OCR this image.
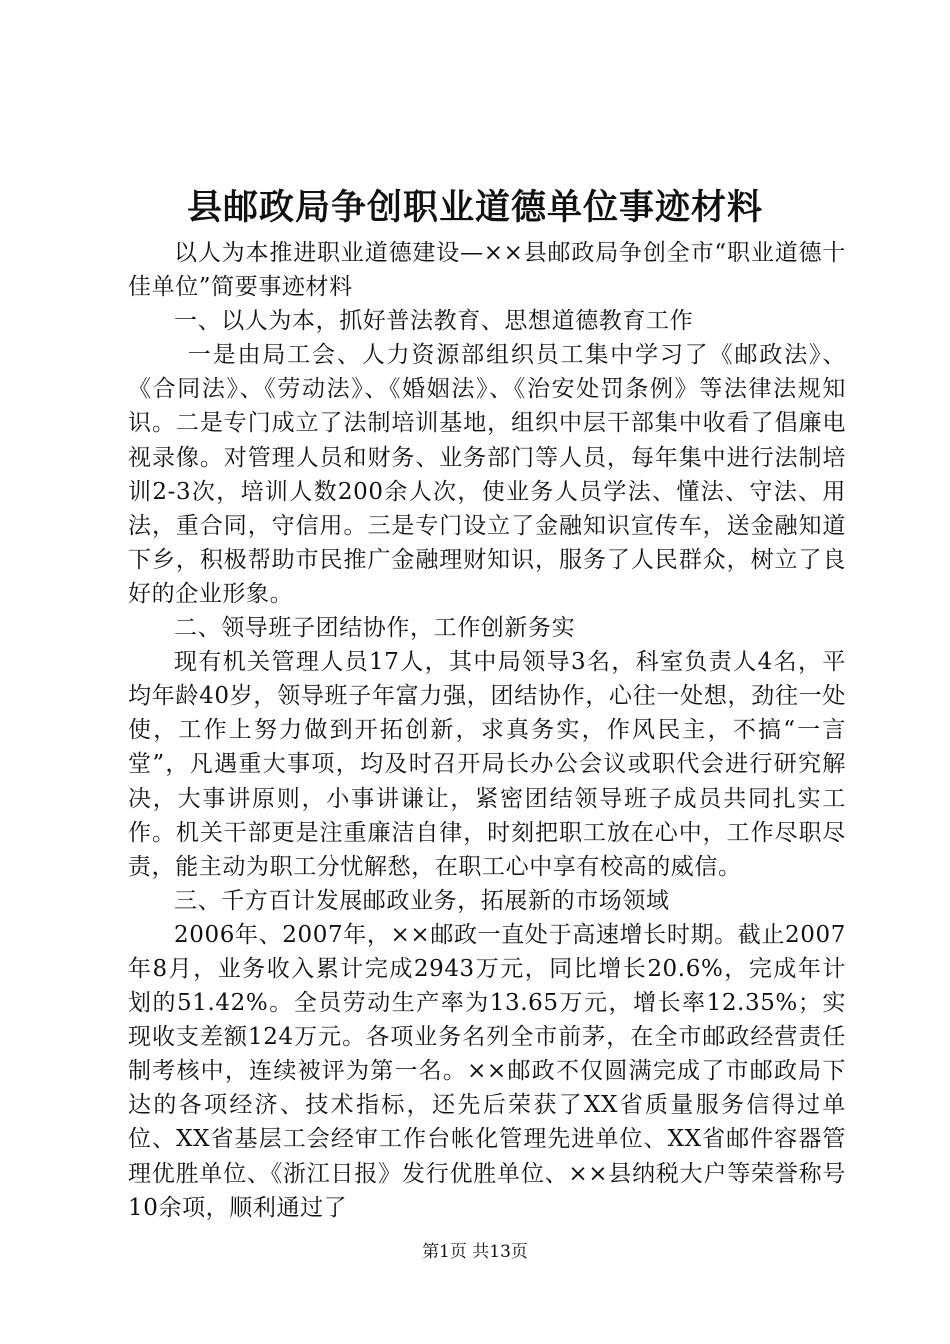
县邮政局争创职业道德单位事迹材料

以人为本推进职业道德建设—××县邮政局争创全市“职业道德十佳单位”简要事迹材料

一、以人为本，抓好普法教育、思想道德教育工作

一是由局工会、人力资源部组织员工集中学习了《邮政法》、《合同法》、《劳动法》、《婚姻法》、《治安处罚条例》等法律法规知识。二是专门成立了法制培训基地，组织中层干部集中收看了倡廉电视录像。对管理人员和财务、业务部门等人员，每年集中进行法制培训2-3次，培训人数200余人次，使业务人员学法、懂法、守法、用法，重合同，守信用。三是专门设立了金融知识宣传车，送金融知道下乡，积极帮助市民推广金融理财知识，服务了人民群众，树立了良好的企业形象。

二、领导班子团结协作，工作创新务实

现有机关管理人员17人，其中局领导3名，科室负责人4名，平均年龄40岁，领导班子年富力强，团结协作，心往一处想，劲往一处使，工作上努力做到开拓创新，求真务实，作风民主，不搞“一言堂”，凡遇重大事项，均及时召开局长办公会议或职代会进行研究解决，大事讲原则，小事讲谦让，紧密团结领导班子成员共同扎实工作。机关干部更是注重廉洁自律，时刻把职工放在心中，工作尽职尽责，能主动为职工分忧解愁，在职工心中享有校高的威信。

三、千方百计发展邮政业务，拓展新的市场领域

2006年、2007年，××邮政一直处于高速增长时期。截止2007年8月，业务收入累计完成2943万元，同比增长20.6%，完成年计划的51.42%。全员劳动生产率为13.65万元，增长率12.35%；实现收支差额124万元。各项业务名列全市前茅，在全市邮政经营责任制考核中，连续被评为第一名。××邮政不仅圆满完成了市邮政局下达的各项经济、技术指标，还先后荣获了XX省质量服务信得过单位、XX省基层工会经审工作台帐化管理先进单位、XX省邮件容器管理优胜单位、《浙江日报》发行优胜单位、××县纳税大户等荣誉称号10余项，顺利通过了

第1页 共13页
